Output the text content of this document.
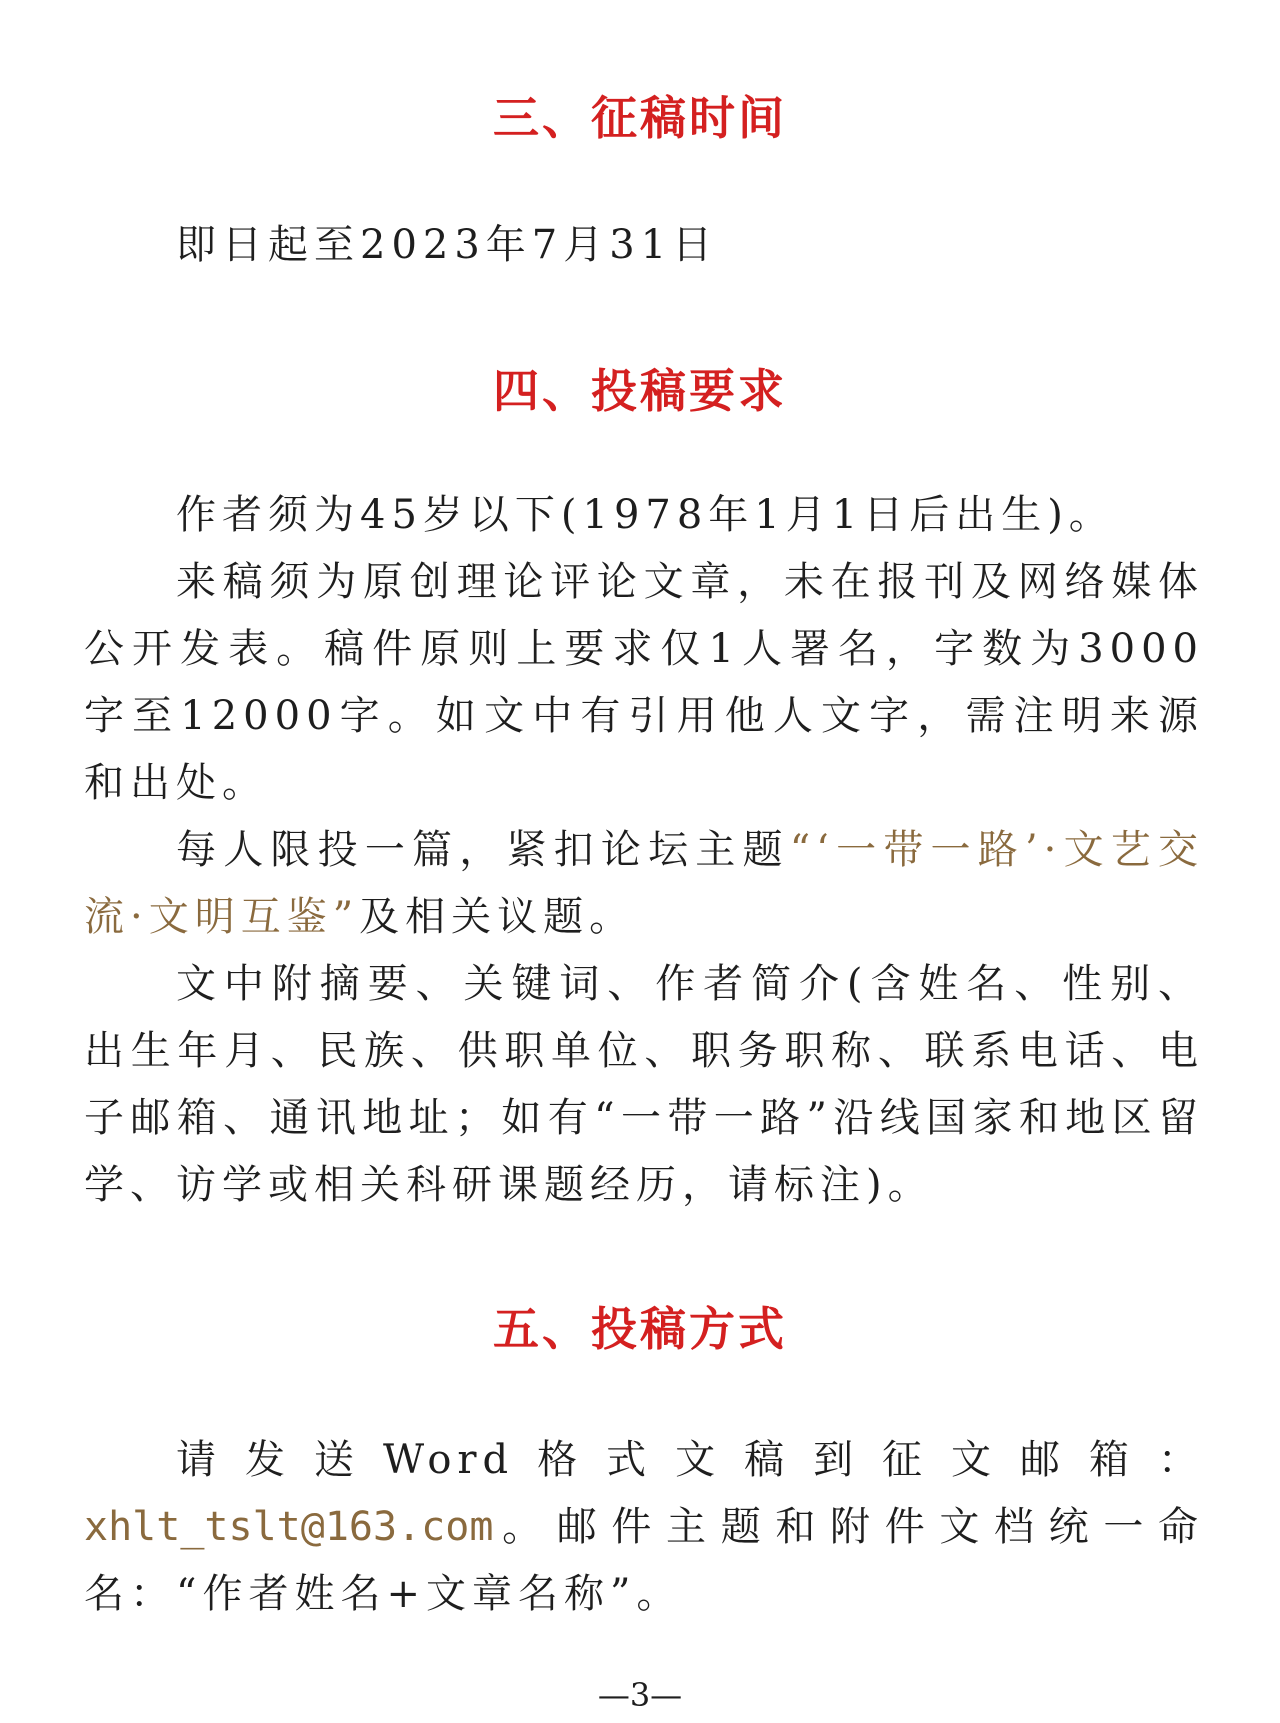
三、征稿时间
即日起至2023年7月31日
四、投稿要求

作者须为45岁以下(1978年1月1日后出生)。

来稿须为原创理论评论文章，未在报刊及网络媒体公开发表。稿件原则上要求仅1人署名，字数为3000字至12000字。如文中有引用他人文字，需注明来源和出处。

每人限投一篇，紧扣论坛主题“‘一带一路’·文艺交流·文明互鉴”及相关议题。

文中附摘要、关键词、作者简介(含姓名、性别、出生年月、民族、供职单位、职务职称、联系电话、电子邮箱、通讯地址；如有“一带一路”沿线国家和地区留学、访学或相关科研课题经历，请标注)。

五、投稿方式

请发送Word格式文稿到征文邮箱：xhlt_tslt@163.com。邮件主题和附件文档统一命名：“作者姓名+文章名称”。

—3—
